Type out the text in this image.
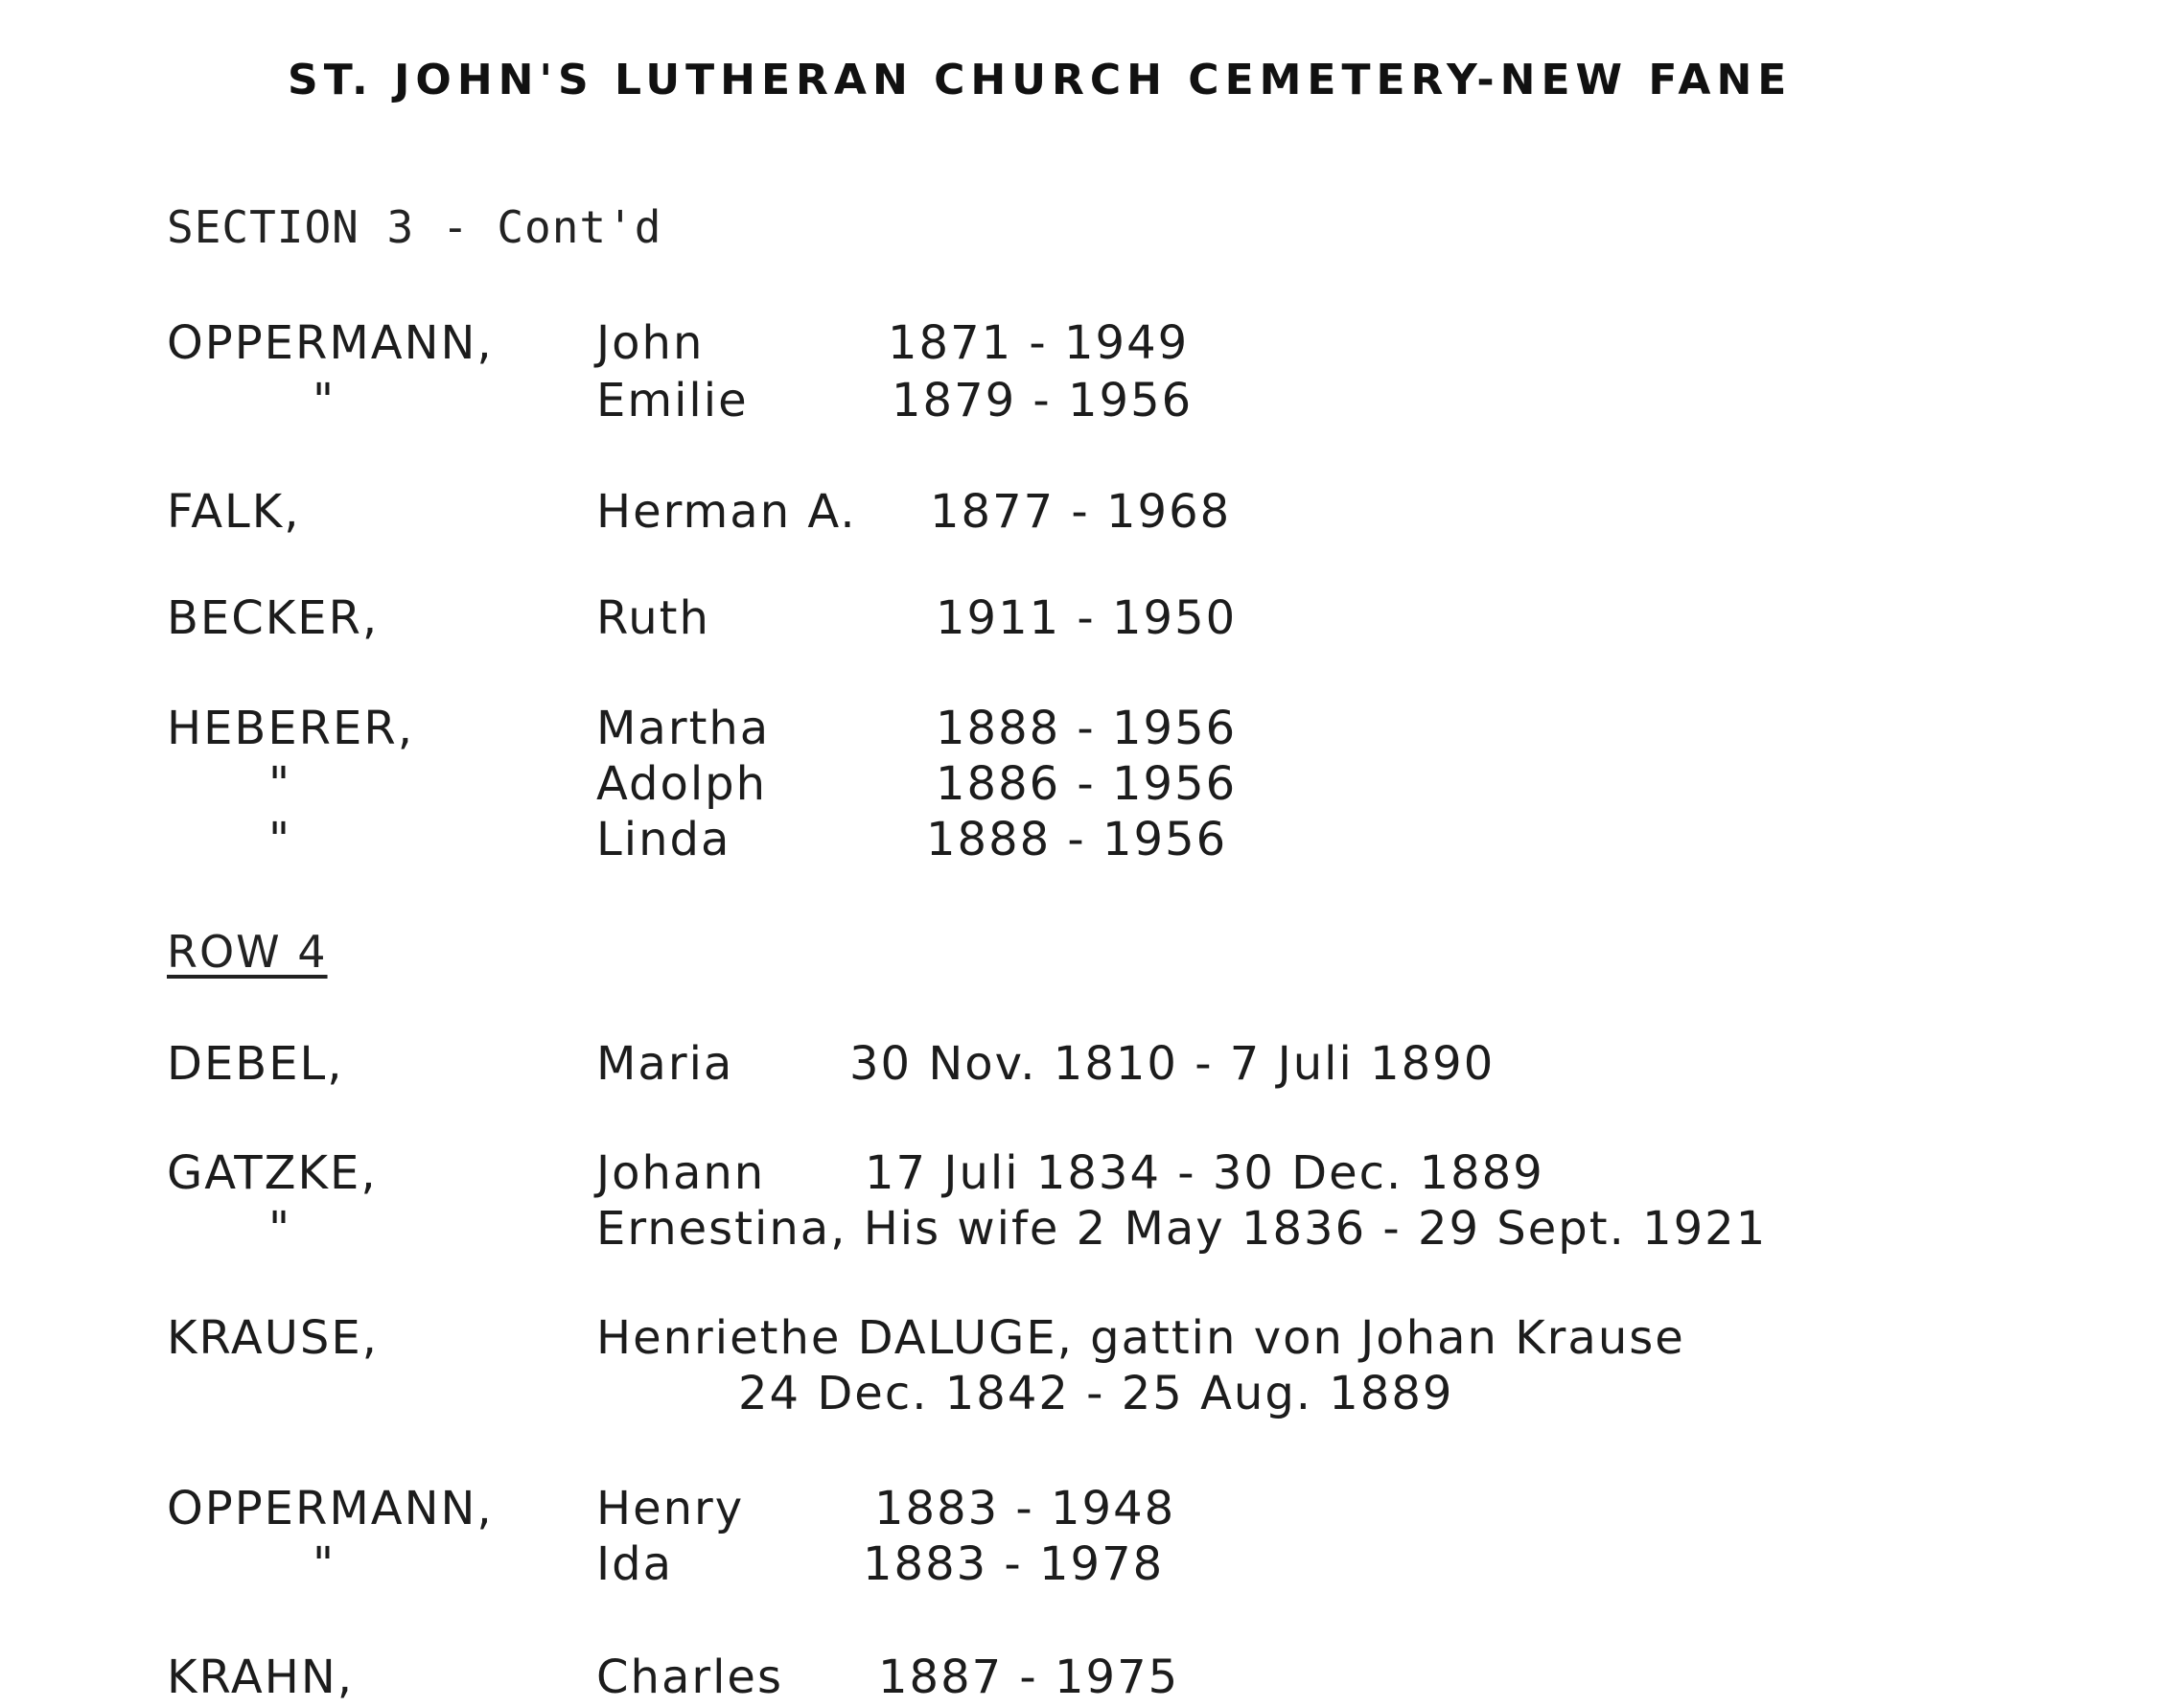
ST. JOHN'S LUTHERAN CHURCH CEMETERY-NEW FANE
SECTION 3 - Cont'd
OPPERMANN, John	1871 - 1949
"	Emilie	1879 - 1956
FALK,	Herman A. 1877 - 1968
BECKER,	Ruth	1911 - 1950
HEBERER,	Martha	1888 - 1956
"	Adolph	1886 - 1956
"	Linda	1888 - 1956
ROW 4
DEBEL,	Maria	30 Nov. 1810 - 7 Juli 1890
GATZKE,	Johann 17 Juli 1834 - 30 Dec. 1889
"	Ernestina, His wife 2 May 1836 - 29 Sept. 1921
KRAUSE,	Henriethe DALUGE, gattin von Johan Krause
24 Dec. 1842 - 25 Aug. 1889
OPPERMANN, Henry	1883 - 1948
"	Ida	1883 - 1978
KRAHN,	Charles 1887 - 1975
